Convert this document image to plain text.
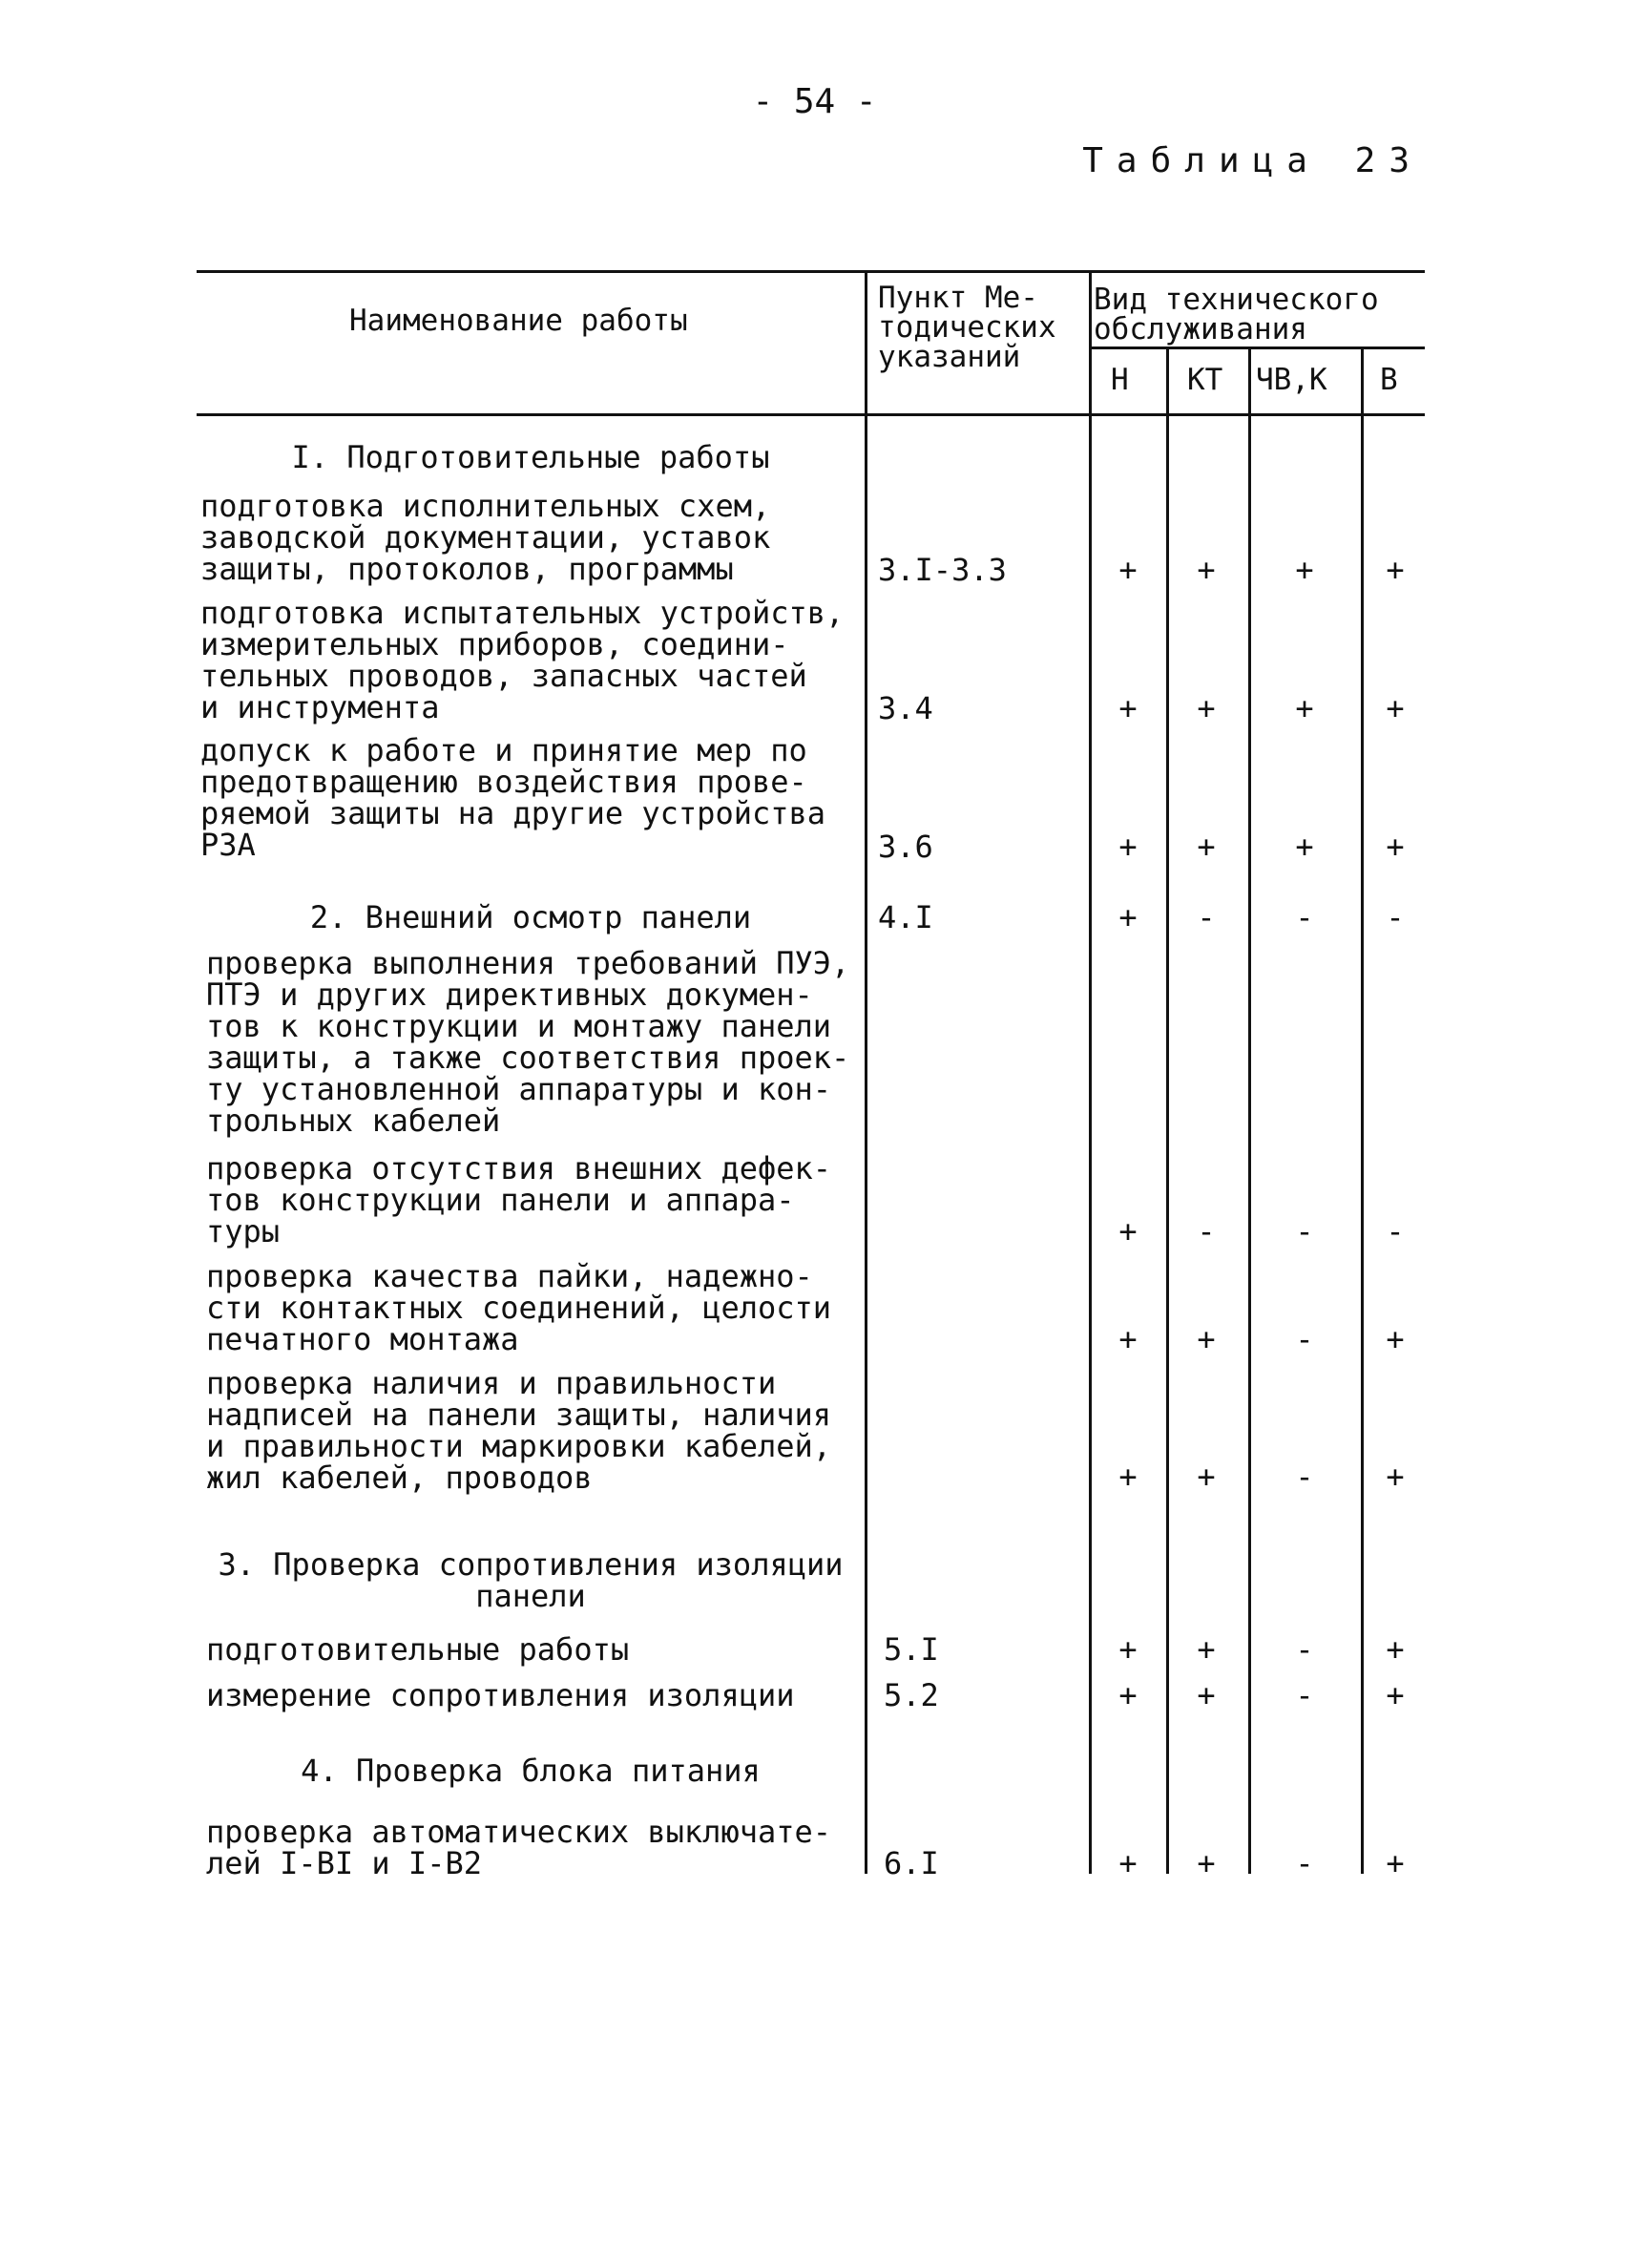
- 54 -
Таблица 23
Наименование работы
Пункт Ме-
тодических
указаний
Вид технического
обслуживания
Н КТ ЧВ,К В
I. Подготовительные работы
подготовка исполнительных схем,
заводской документации, уставок
защиты, протоколов, программы	3.I-3.3	+	+	+	+
подготовка испытательных устройств,
измерительных приборов, соедини-
тельных проводов, запасных частей
и инструмента	3.4	+	+	+	+
допуск к работе и принятие мер по
предотвращению воздействия прове-
ряемой защиты на другие устройства
РЗА	3.6	+	+	+	+
2. Внешний осмотр панели	4.I	+	-	-	-
проверка выполнения требований ПУЭ,
ПТЭ и других директивных докумен-
тов к конструкции и монтажу панели
защиты, а также соответствия проек-
ту установленной аппаратуры и кон-
трольных кабелей
проверка отсутствия внешних дефек-
тов конструкции панели и аппара-
туры	+	-	-	-
проверка качества пайки, надежно-
сти контактных соединений, целости
печатного монтажа	+	+	-	+
проверка наличия и правильности
надписей на панели защиты, наличия
и правильности маркировки кабелей,
жил кабелей, проводов	+	+	-	+
3. Проверка сопротивления изоляции
панели
подготовительные работы	5.I	+	+	-	+
измерение сопротивления изоляции	5.2	+	+	-	+
4. Проверка блока питания
проверка автоматических выключате-
лей I-BI и I-B2	6.I	+	+	-	+
